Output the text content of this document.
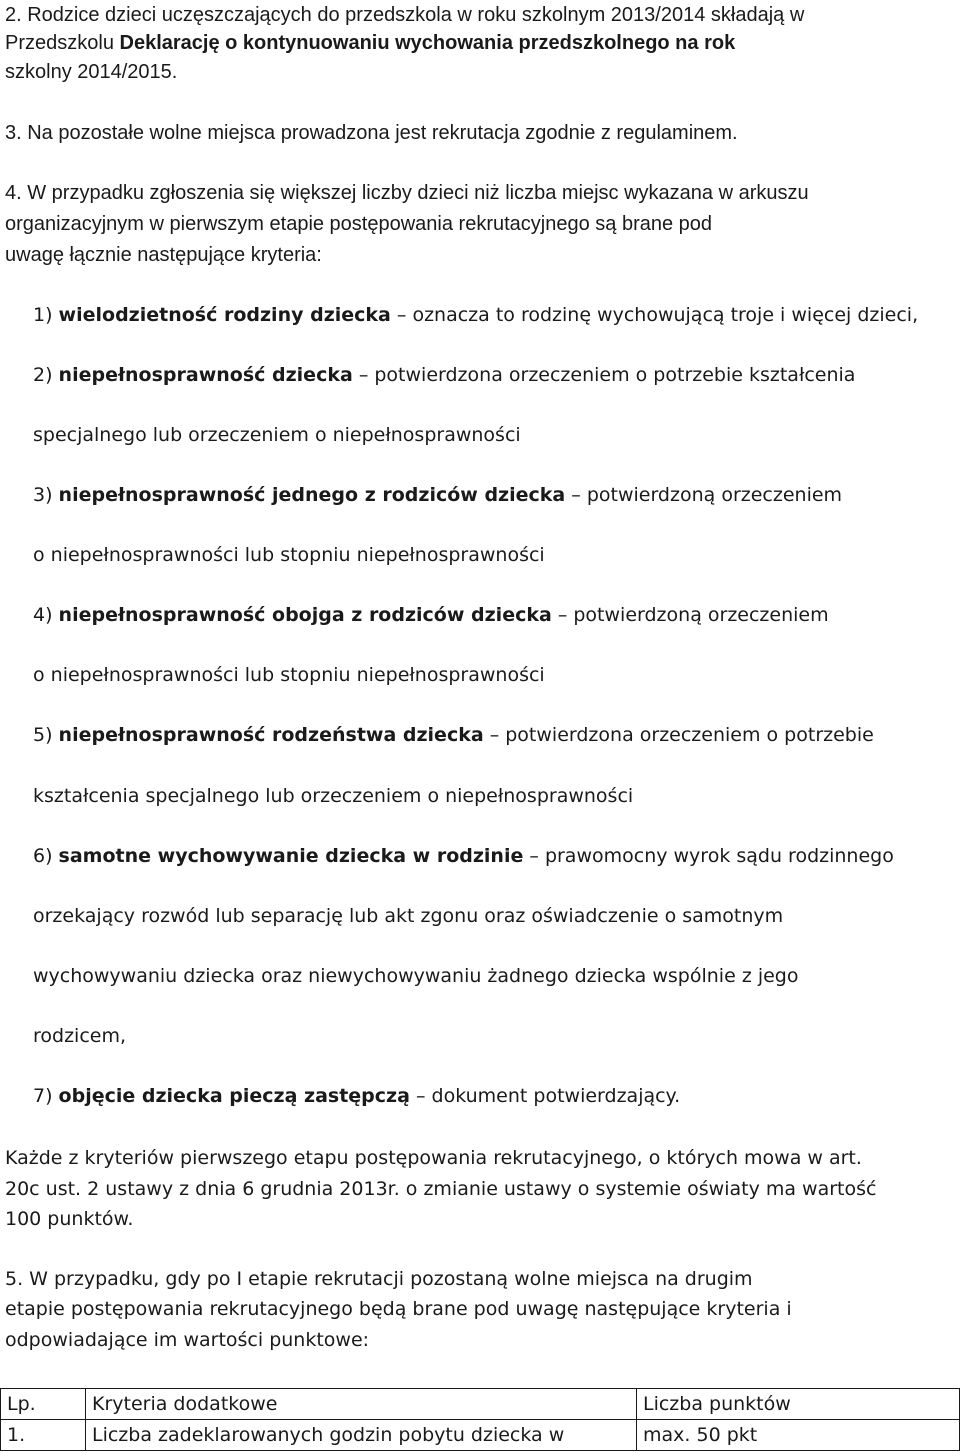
2. Rodzice dzieci uczęszczających do przedszkola w roku szkolnym 2013/2014 składają w
Przedszkolu Deklarację o kontynuowaniu wychowania przedszkolnego na rok
szkolny 2014/2015.
3. Na pozostałe wolne miejsca prowadzona jest rekrutacja zgodnie z regulaminem.
4. W przypadku zgłoszenia się większej liczby dzieci niż liczba miejsc wykazana w arkuszu
organizacyjnym w pierwszym etapie postępowania rekrutacyjnego są brane pod
uwagę łącznie następujące kryteria:
1) wielodzietność rodziny dziecka – oznacza to rodzinę wychowującą troje i więcej dzieci,
2) niepełnosprawność dziecka – potwierdzona orzeczeniem o potrzebie kształcenia
specjalnego lub orzeczeniem o niepełnosprawności
3) niepełnosprawność jednego z rodziców dziecka – potwierdzoną orzeczeniem
o niepełnosprawności lub stopniu niepełnosprawności
4) niepełnosprawność obojga z rodziców dziecka – potwierdzoną orzeczeniem
o niepełnosprawności lub stopniu niepełnosprawności
5) niepełnosprawność rodzeństwa dziecka – potwierdzona orzeczeniem o potrzebie
kształcenia specjalnego lub orzeczeniem o niepełnosprawności
6) samotne wychowywanie dziecka w rodzinie – prawomocny wyrok sądu rodzinnego
orzekający rozwód lub separację lub akt zgonu oraz oświadczenie o samotnym
wychowywaniu dziecka oraz niewychowywaniu żadnego dziecka wspólnie z jego
rodzicem,
7) objęcie dziecka pieczą zastępczą – dokument potwierdzający.
Każde z kryteriów pierwszego etapu postępowania rekrutacyjnego, o których mowa w art.
20c ust. 2 ustawy z dnia 6 grudnia 2013r. o zmianie ustawy o systemie oświaty ma wartość
100 punktów.
5. W przypadku, gdy po I etapie rekrutacji pozostaną wolne miejsca na drugim
etapie postępowania rekrutacyjnego będą brane pod uwagę następujące kryteria i
odpowiadające im wartości punktowe:
Lp.	Kryteria dodatkowe	Liczba punktów
1.	Liczba zadeklarowanych godzin pobytu dziecka w	max. 50 pkt
